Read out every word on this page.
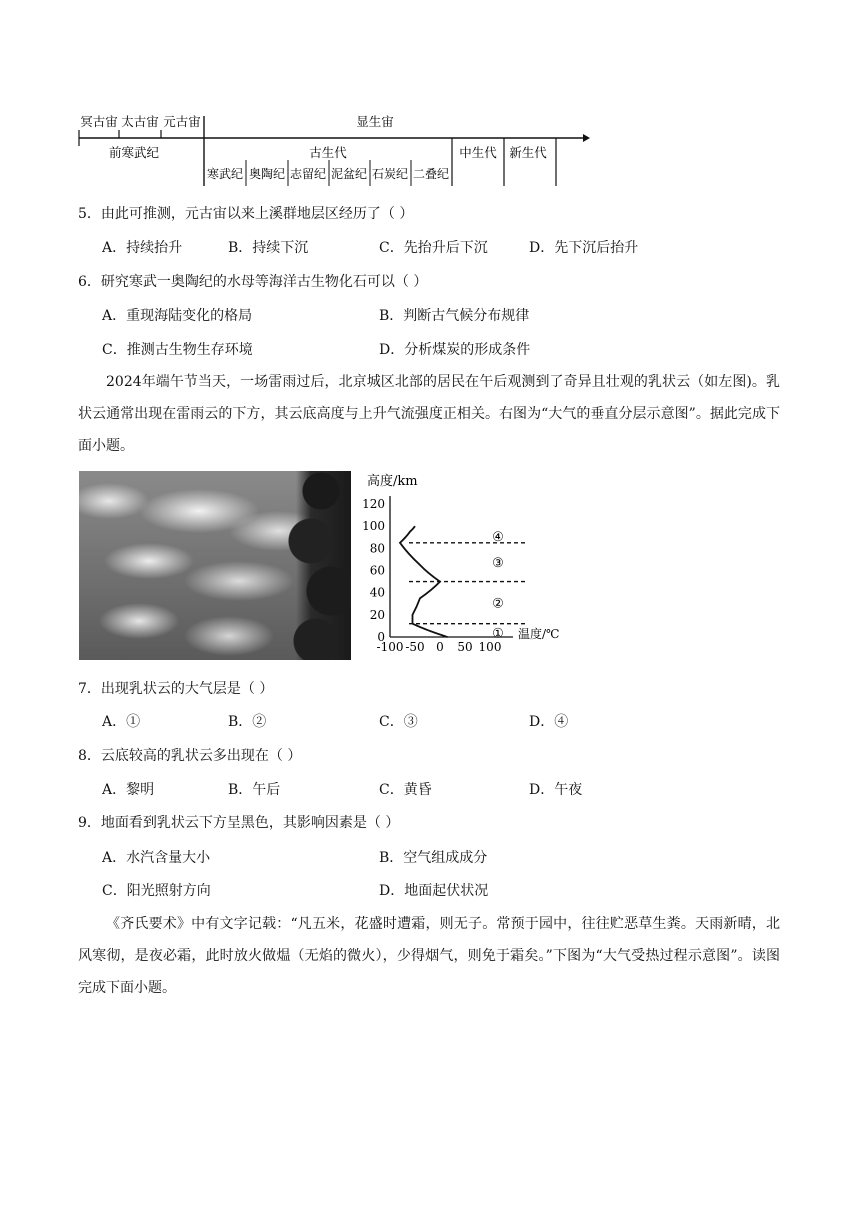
冥古宙 太古宙 元古宙	显生宙
前寒武纪	古生代	中生代 新生代
寒武纪 奥陶纪 志留纪 泥盆纪 石炭纪 二叠纪
5．由此可推测，元古宙以来上溪群地层区经历了（ ）
A．持续抬升	B．持续下沉	C．先抬升后下沉	D．先下沉后抬升
6．研究寒武一奥陶纪的水母等海洋古生物化石可以（ ）
A．重现海陆变化的格局	B．判断古气候分布规律
C．推测古生物生存环境	D．分析煤炭的形成条件
2024年端午节当天，一场雷雨过后，北京城区北部的居民在午后观测到了奇异且壮观的乳状云（如左图)。乳状云通常出现在雷雨云的下方，其云底高度与上升气流强度正相关。右图为“大气的垂直分层示意图”。据此完成下面小题。
0
20
40
60
80
100
120
-100 -50 0 50 100
①
②
③
④
高度/km
温度/℃
7．出现乳状云的大气层是（ ）
A．①	B．②	C．③	D．④
8．云底较高的乳状云多出现在（ ）
A．黎明	B．午后	C．黄昏	D．午夜
9．地面看到乳状云下方呈黑色，其影响因素是（ ）
A．水汽含量大小	B．空气组成成分
C．阳光照射方向	D．地面起伏状况
《齐氏要术》中有文字记载：“凡五米，花盛时遭霜，则无子。常预于园中，往往贮恶草生粪。天雨新晴，北风寒彻，是夜必霜，此时放火做煴（无焰的微火），少得烟气，则免于霜矣。”下图为“大气受热过程示意图”。读图完成下面小题。
